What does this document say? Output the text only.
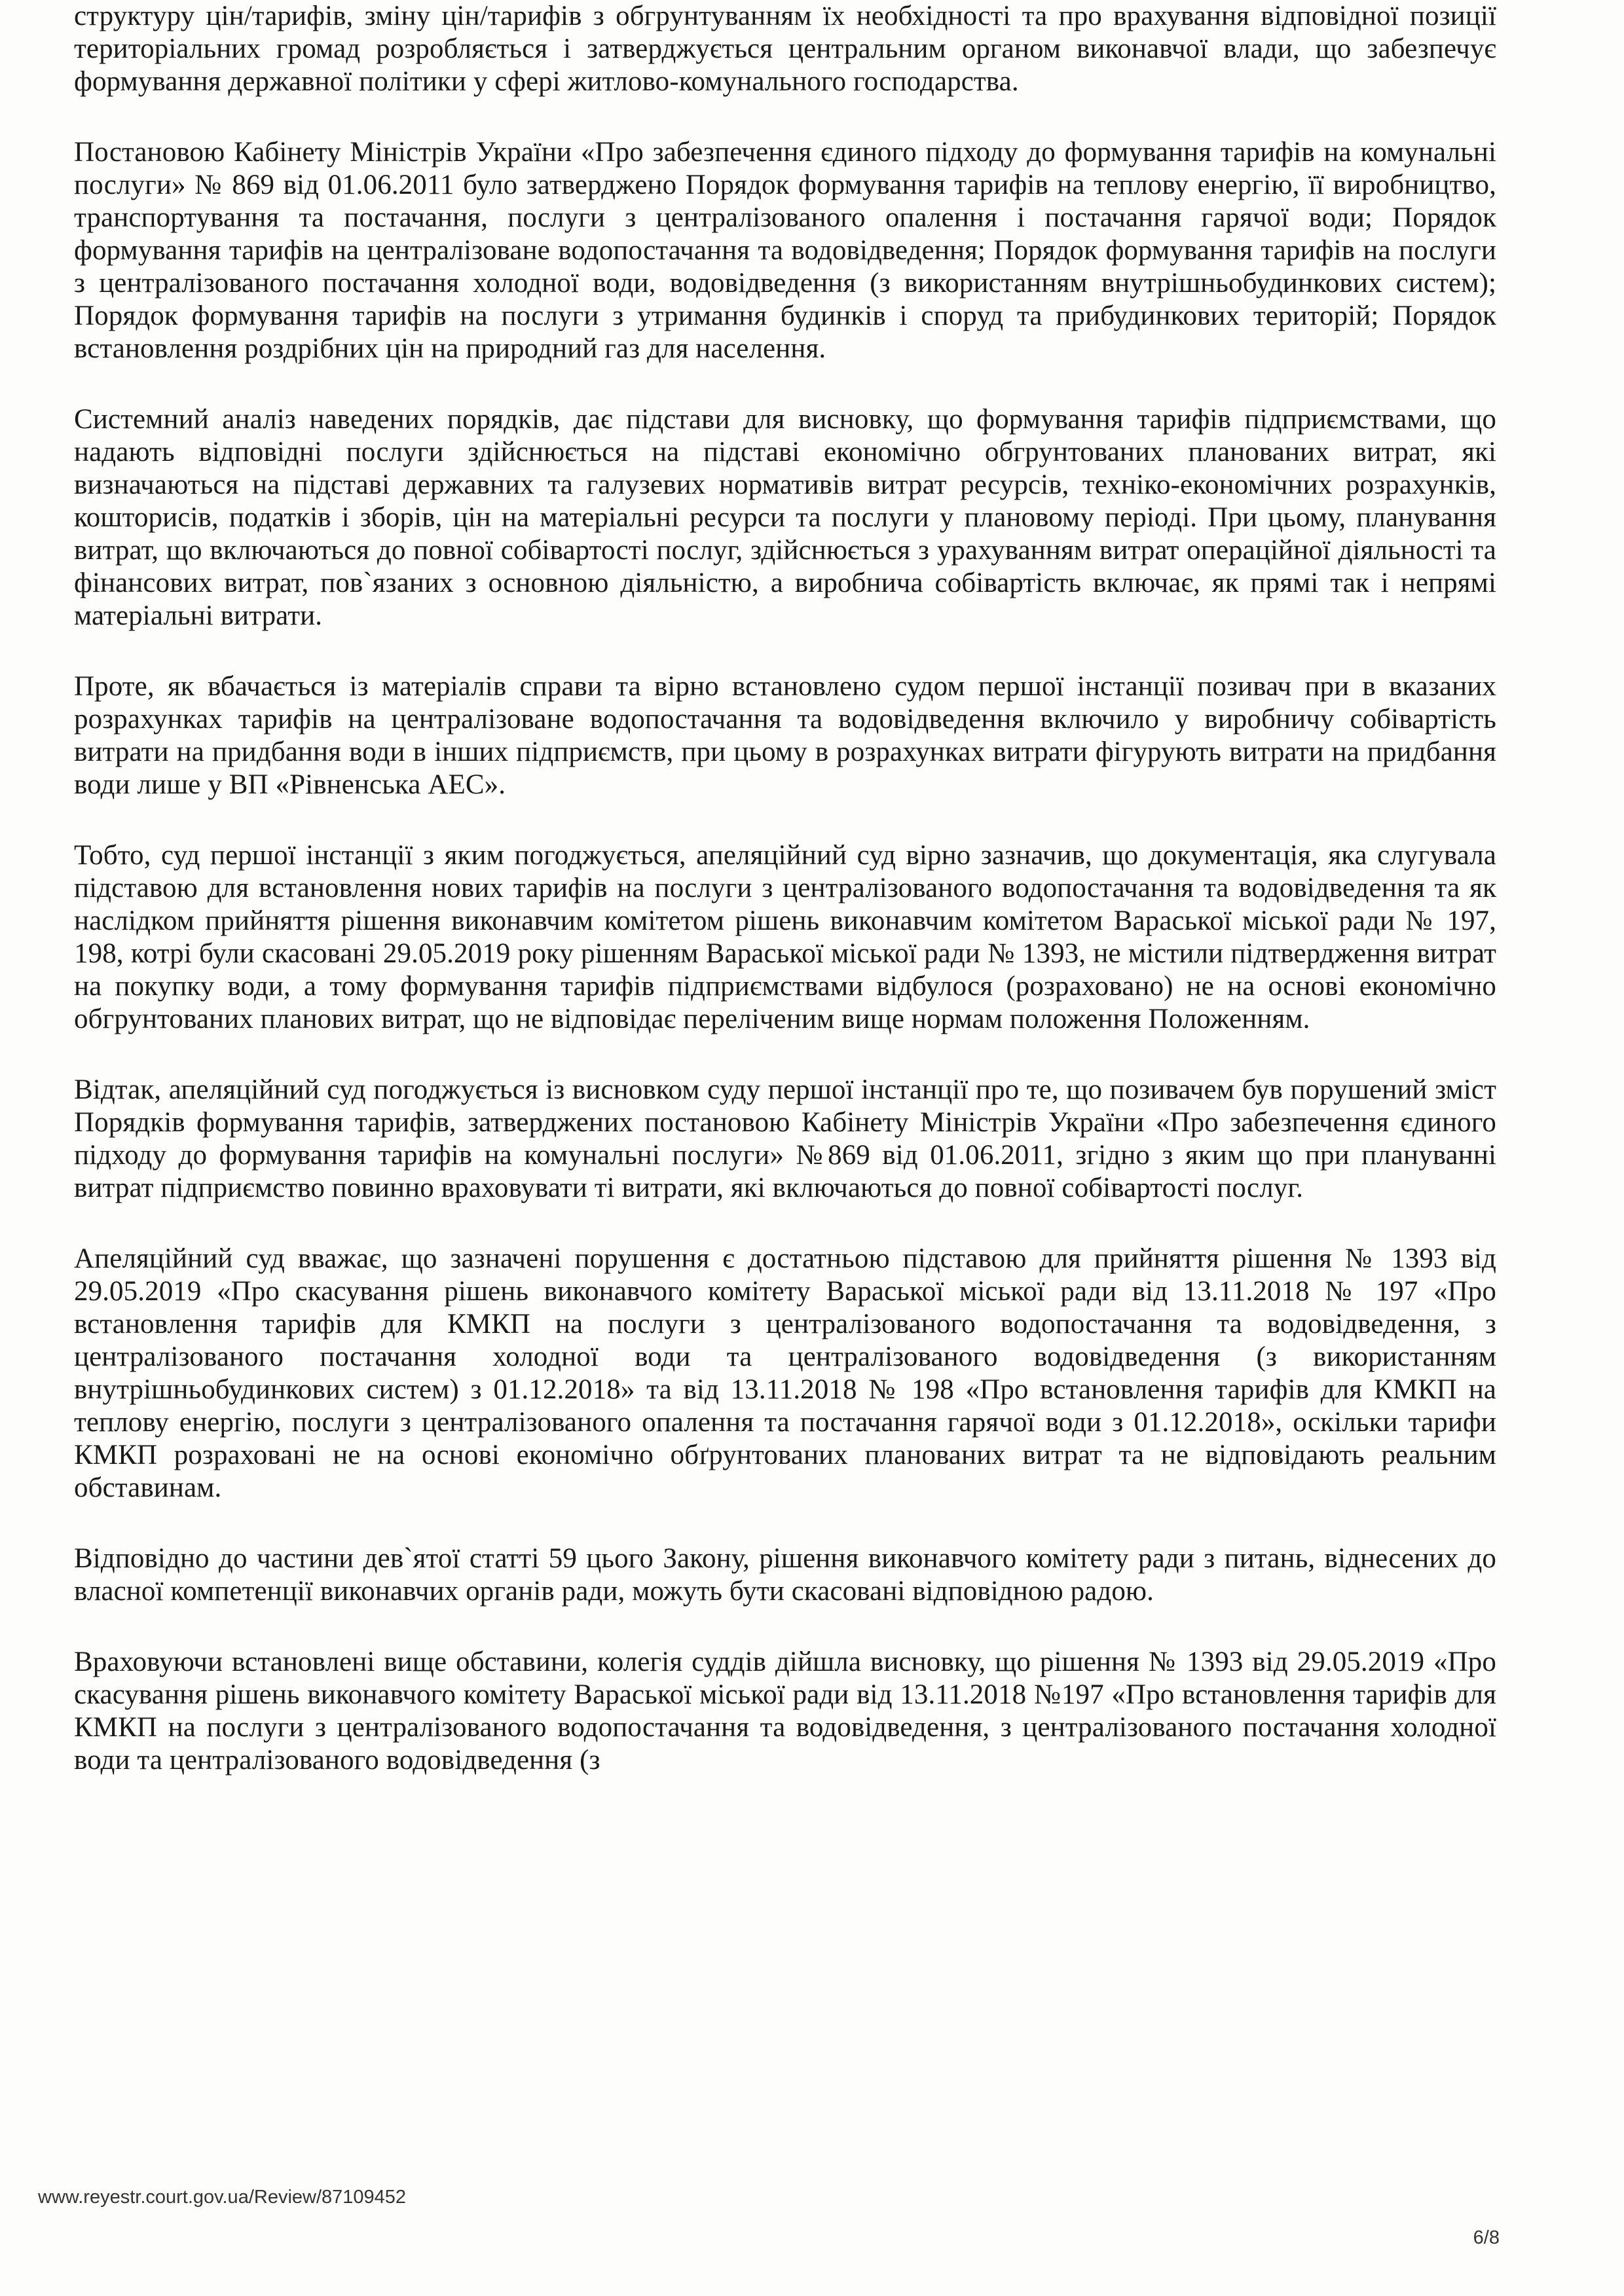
структуру цін/тарифів, зміну цін/тарифів з обгрунтуванням їх необхідності та про врахування відповідної позиції територіальних громад розробляється і затверджується центральним органом виконавчої влади, що забезпечує формування державної політики у сфері житлово-комунального господарства.

Постановою Кабінету Міністрів України «Про забезпечення єдиного підходу до формування тарифів на комунальні послуги» № 869 від 01.06.2011 було затверджено Порядок формування тарифів на теплову енергію, її виробництво, транспортування та постачання, послуги з централізованого опалення і постачання гарячої води; Порядок формування тарифів на централізоване водопостачання та водовідведення; Порядок формування тарифів на послуги з централізованого постачання холодної води, водовідведення (з використанням внутрішньобудинкових систем); Порядок формування тарифів на послуги з утримання будинків і споруд та прибудинкових територій; Порядок встановлення роздрібних цін на природний газ для населення.

Системний аналіз наведених порядків, дає підстави для висновку, що формування тарифів підприємствами, що надають відповідні послуги здійснюється на підставі економічно обгрунтованих планованих витрат, які визначаються на підставі державних та галузевих нормативів витрат ресурсів, техніко-економічних розрахунків, кошторисів, податків і зборів, цін на матеріальні ресурси та послуги у плановому періоді. При цьому, планування витрат, що включаються до повної собівартості послуг, здійснюється з урахуванням витрат операційної діяльності та фінансових витрат, пов`язаних з основною діяльністю, а виробнича собівартість включає, як прямі так і непрямі матеріальні витрати.

Проте, як вбачається із матеріалів справи та вірно встановлено судом першої інстанції позивач при в вказаних розрахунках тарифів на централізоване водопостачання та водовідведення включило у виробничу собівартість витрати на придбання води в інших підприємств, при цьому в розрахунках витрати фігурують витрати на придбання води лише у ВП «Рівненська АЕС».

Тобто, суд першої інстанції з яким погоджується, апеляційний суд вірно зазначив, що документація, яка слугувала підставою для встановлення нових тарифів на послуги з централізованого водопостачання та водовідведення та як наслідком прийняття рішення виконавчим комітетом рішень виконавчим комітетом Вараської міської ради № 197, 198, котрі були скасовані 29.05.2019 року рішенням Вараської міської ради № 1393, не містили підтвердження витрат на покупку води, а тому формування тарифів підприємствами відбулося (розраховано) не на основі економічно обгрунтованих планових витрат, що не відповідає переліченим вище нормам положення Положенням.

Відтак, апеляційний суд погоджується із висновком суду першої інстанції про те, що позивачем був порушений зміст Порядків формування тарифів, затверджених постановою Кабінету Міністрів України «Про забезпечення єдиного підходу до формування тарифів на комунальні послуги» №869 від 01.06.2011, згідно з яким що при плануванні витрат підприємство повинно враховувати ті витрати, які включаються до повної собівартості послуг.

Апеляційний суд вважає, що зазначені порушення є достатньою підставою для прийняття рішення № 1393 від 29.05.2019 «Про скасування рішень виконавчого комітету Вараської міської ради від 13.11.2018 № 197 «Про встановлення тарифів для КМКП на послуги з централізованого водопостачання та водовідведення, з централізованого постачання холодної води та централізованого водовідведення (з використанням внутрішньобудинкових систем) з 01.12.2018» та від 13.11.2018 № 198 «Про встановлення тарифів для КМКП на теплову енергію, послуги з централізованого опалення та постачання гарячої води з 01.12.2018», оскільки тарифи КМКП розраховані не на основі економічно обґрунтованих планованих витрат та не відповідають реальним обставинам.

Відповідно до частини дев`ятої статті 59 цього Закону, рішення виконавчого комітету ради з питань, віднесених до власної компетенції виконавчих органів ради, можуть бути скасовані відповідною радою.

Враховуючи встановлені вище обставини, колегія суддів дійшла висновку, що рішення № 1393 від 29.05.2019 «Про скасування рішень виконавчого комітету Вараської міської ради від 13.11.2018 №197 «Про встановлення тарифів для КМКП на послуги з централізованого водопостачання та водовідведення, з централізованого постачання холодної води та централізованого водовідведення (з

www.reyestr.court.gov.ua/Review/87109452
6/8
